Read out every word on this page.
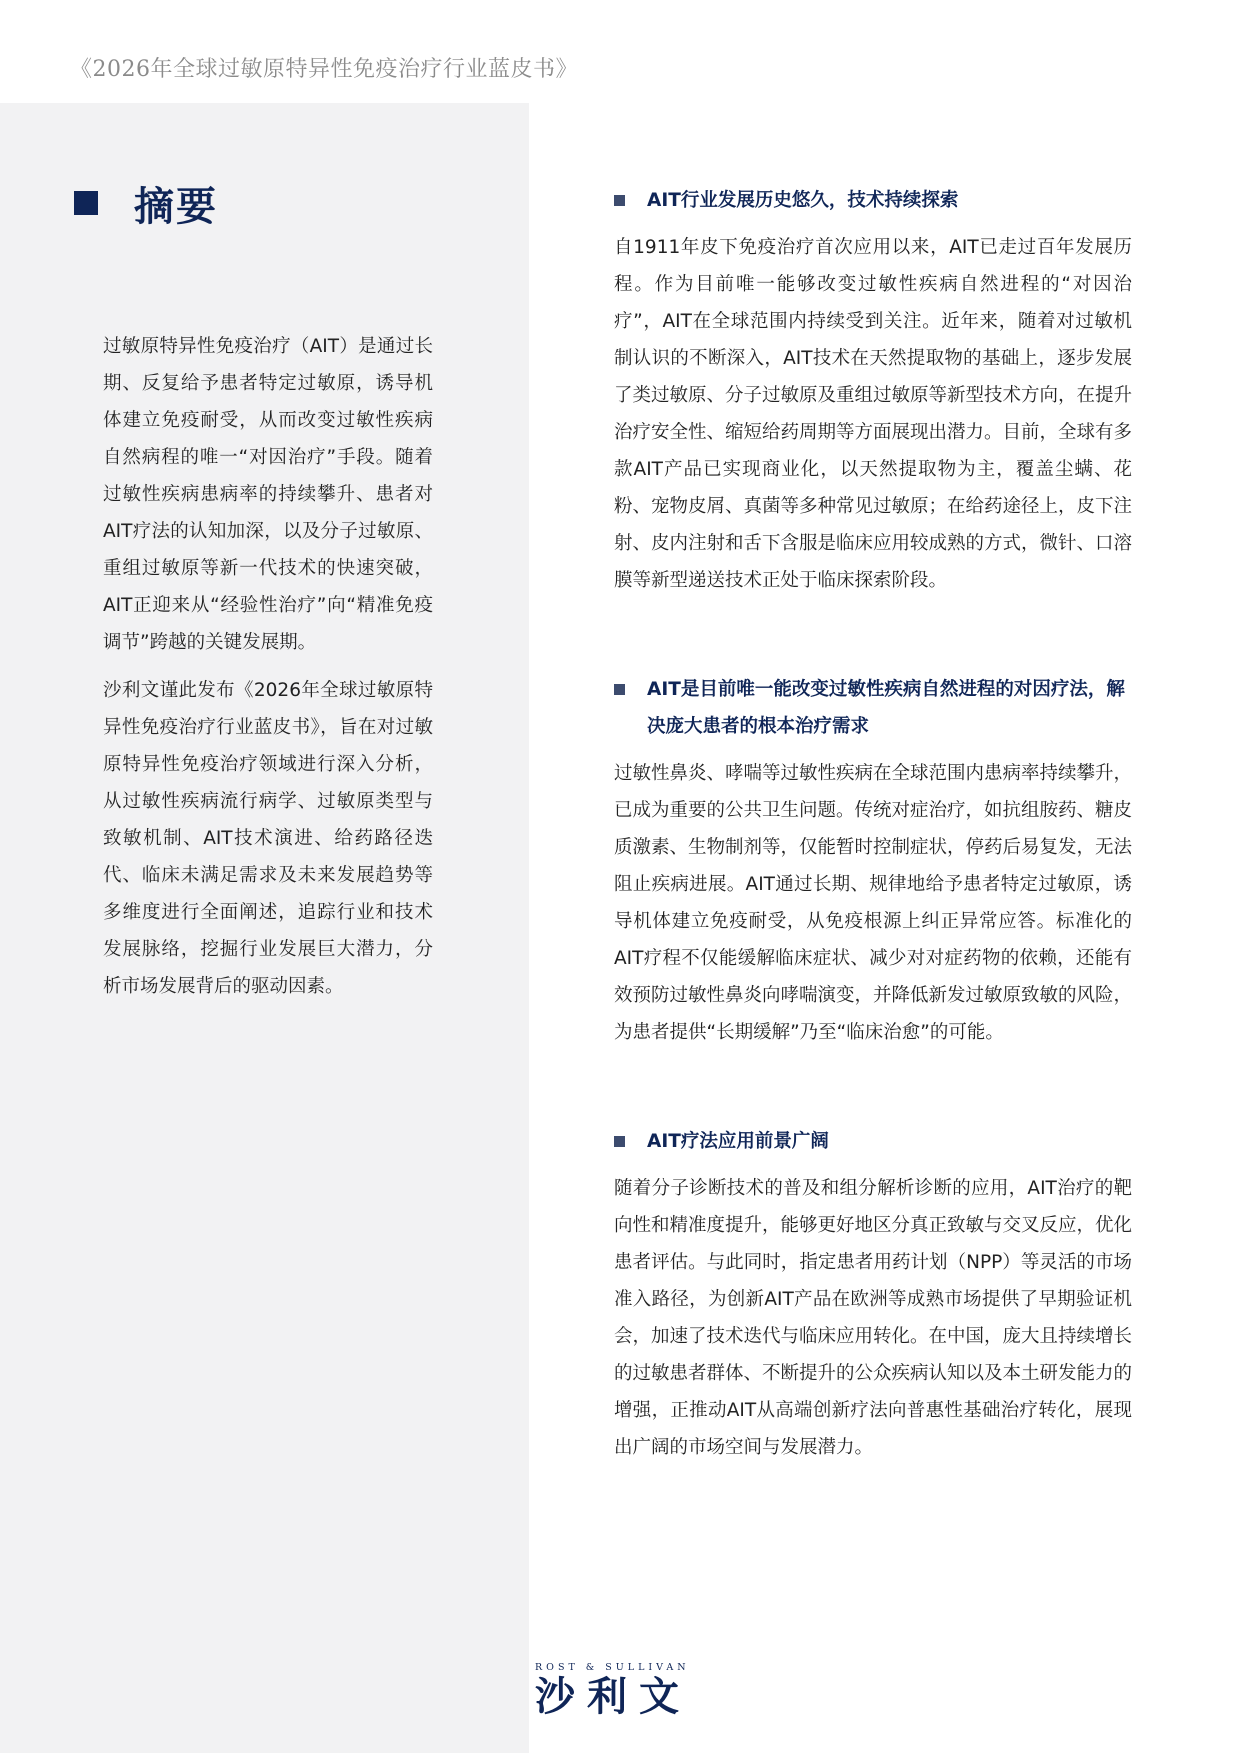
《2026年全球过敏原特异性免疫治疗行业蓝皮书》
摘要

过敏原特异性免疫治疗（AIT）是通过长期、反复给予患者特定过敏原，诱导机体建立免疫耐受，从而改变过敏性疾病自然病程的唯一“对因治疗”手段。随着过敏性疾病患病率的持续攀升、患者对AIT疗法的认知加深，以及分子过敏原、重组过敏原等新一代技术的快速突破，AIT正迎来从“经验性治疗”向“精准免疫调节”跨越的关键发展期。

沙利文谨此发布《2026年全球过敏原特异性免疫治疗行业蓝皮书》，旨在对过敏原特异性免疫治疗领域进行深入分析，从过敏性疾病流行病学、过敏原类型与致敏机制、AIT技术演进、给药路径迭代、临床未满足需求及未来发展趋势等多维度进行全面阐述，追踪行业和技术发展脉络，挖掘行业发展巨大潜力，分析市场发展背后的驱动因素。

AIT行业发展历史悠久，技术持续探索

自1911年皮下免疫治疗首次应用以来，AIT已走过百年发展历程。作为目前唯一能够改变过敏性疾病自然进程的“对因治疗”，AIT在全球范围内持续受到关注。近年来，随着对过敏机制认识的不断深入，AIT技术在天然提取物的基础上，逐步发展了类过敏原、分子过敏原及重组过敏原等新型技术方向，在提升治疗安全性、缩短给药周期等方面展现出潜力。目前，全球有多款AIT产品已实现商业化，以天然提取物为主，覆盖尘螨、花粉、宠物皮屑、真菌等多种常见过敏原；在给药途径上，皮下注射、皮内注射和舌下含服是临床应用较成熟的方式，微针、口溶膜等新型递送技术正处于临床探索阶段。

AIT是目前唯一能改变过敏性疾病自然进程的对因疗法，解决庞大患者的根本治疗需求

过敏性鼻炎、哮喘等过敏性疾病在全球范围内患病率持续攀升，已成为重要的公共卫生问题。传统对症治疗，如抗组胺药、糖皮质激素、生物制剂等，仅能暂时控制症状，停药后易复发，无法阻止疾病进展。AIT通过长期、规律地给予患者特定过敏原，诱导机体建立免疫耐受，从免疫根源上纠正异常应答。标准化的AIT疗程不仅能缓解临床症状、减少对对症药物的依赖，还能有效预防过敏性鼻炎向哮喘演变，并降低新发过敏原致敏的风险，为患者提供“长期缓解”乃至“临床治愈”的可能。

AIT疗法应用前景广阔

随着分子诊断技术的普及和组分解析诊断的应用，AIT治疗的靶向性和精准度提升，能够更好地区分真正致敏与交叉反应，优化患者评估。与此同时，指定患者用药计划（NPP）等灵活的市场准入路径，为创新AIT产品在欧洲等成熟市场提供了早期验证机会，加速了技术迭代与临床应用转化。在中国，庞大且持续增长的过敏患者群体、不断提升的公众疾病认知以及本土研发能力的增强，正推动AIT从高端创新疗法向普惠性基础治疗转化，展现出广阔的市场空间与发展潜力。

ROST & SULLIVAN
沙利文
